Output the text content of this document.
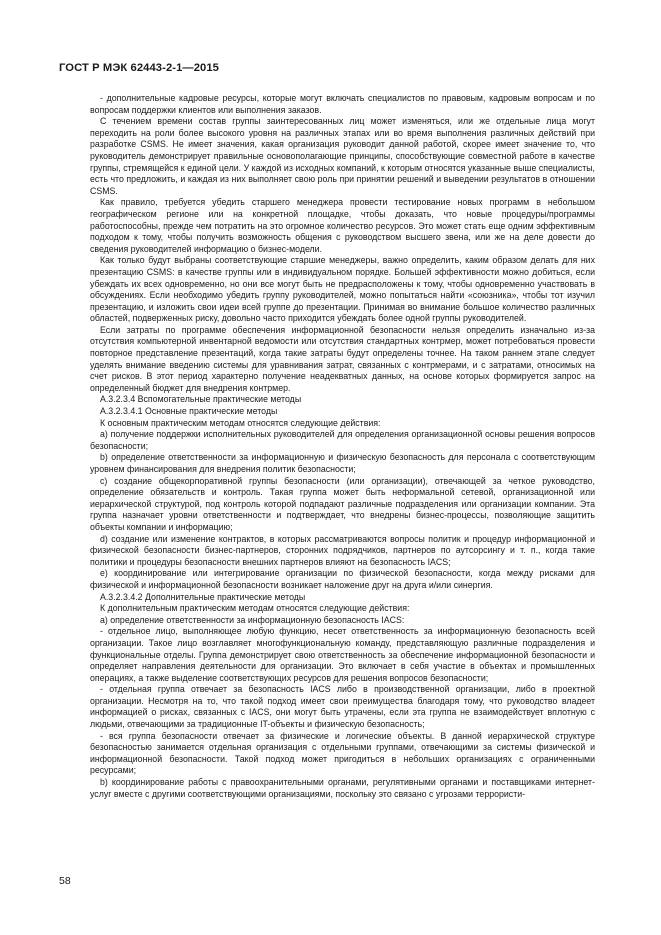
ГОСТ Р МЭК 62443-2-1—2015

- дополнительные кадровые ресурсы, которые могут включать специалистов по правовым, кадровым вопросам и по вопросам поддержки клиентов или выполнения заказов.

С течением времени состав группы заинтересованных лиц может изменяться, или же отдельные лица могут переходить на роли более высокого уровня на различных этапах или во время выполнения различных действий при разработке CSMS. Не имеет значения, какая организация руководит данной работой, скорее имеет значение то, что руководитель демонстрирует правильные основополагающие принципы, способствующие совместной работе в качестве группы, стремящейся к единой цели. У каждой из исходных компаний, к которым относятся указанные выше специалисты, есть что предложить, и каждая из них выполняет свою роль при принятии решений и выведении результатов в отношении CSMS.

Как правило, требуется убедить старшего менеджера провести тестирование новых программ в небольшом географическом регионе или на конкретной площадке, чтобы доказать, что новые процедуры/программы работоспособны, прежде чем потратить на это огромное количество ресурсов. Это может стать еще одним эффективным подходом к тому, чтобы получить возможность общения с руководством высшего звена, или же на деле довести до сведения руководителей информацию о бизнес-модели.

Как только будут выбраны соответствующие старшие менеджеры, важно определить, каким образом делать для них презентацию CSMS: в качестве группы или в индивидуальном порядке. Большей эффективности можно добиться, если убеждать их всех одновременно, но они все могут быть не предрасположены к тому, чтобы одновременно участвовать в обсуждениях. Если необходимо убедить группу руководителей, можно попытаться найти «союзника», чтобы тот изучил презентацию, и изложить свои идеи всей группе до презентации. Принимая во внимание большое количество различных областей, подверженных риску, довольно часто приходится убеждать более одной группы руководителей.

Если затраты по программе обеспечения информационной безопасности нельзя определить изначально из-за отсутствия компьютерной инвентарной ведомости или отсутствия стандартных контрмер, может потребоваться провести повторное представление презентаций, когда такие затраты будут определены точнее. На таком раннем этапе следует уделять внимание введению системы для уравнивания затрат, связанных с контрмерами, и с затратами, относимых на счет рисков. В этот период характерно получение неадекватных данных, на основе которых формируется запрос на определенный бюджет для внедрения контрмер.

А.3.2.3.4 Вспомогательные практические методы

А.3.2.3.4.1 Основные практические методы

К основным практическим методам относятся следующие действия:

a) получение поддержки исполнительных руководителей для определения организационной основы решения вопросов безопасности;

b) определение ответственности за информационную и физическую безопасность для персонала с соответствующим уровнем финансирования для внедрения политик безопасности;

c) создание общекорпоративной группы безопасности (или организации), отвечающей за четкое руководство, определение обязательств и контроль. Такая группа может быть неформальной сетевой, организационной или иерархической структурой, под контроль которой подпадают различные подразделения или организации компании. Эта группа назначает уровни ответственности и подтверждает, что внедрены бизнес-процессы, позволяющие защитить объекты компании и информацию;

d) создание или изменение контрактов, в которых рассматриваются вопросы политик и процедур информационной и физической безопасности бизнес-партнеров, сторонних подрядчиков, партнеров по аутсорсингу и т. п., когда такие политики и процедуры безопасности внешних партнеров влияют на безопасность IACS;

e) координирование или интегрирование организации по физической безопасности, когда между рисками для физической и информационной безопасности возникает наложение друг на друга и/или синергия.

А.3.2.3.4.2 Дополнительные практические методы

К дополнительным практическим методам относятся следующие действия:

а) определение ответственности за информационную безопасность IACS:

- отдельное лицо, выполняющее любую функцию, несет ответственность за информационную безопасность всей организации. Такое лицо возглавляет многофункциональную команду, представляющую различные подразделения и функциональные отделы. Группа демонстрирует свою ответственность за обеспечение информационной безопасности и определяет направления деятельности для организации. Это включает в себя участие в объектах и промышленных операциях, а также выделение соответствующих ресурсов для решения вопросов безопасности;

- отдельная группа отвечает за безопасность IACS либо в производственной организации, либо в проектной организации. Несмотря на то, что такой подход имеет свои преимущества благодаря тому, что руководство владеет информацией о рисках, связанных с IACS, они могут быть утрачены, если эта группа не взаимодействует вплотную с людьми, отвечающими за традиционные IT-объекты и физическую безопасность;

- вся группа безопасности отвечает за физические и логические объекты. В данной иерархической структуре безопасностью занимается отдельная организация с отдельными группами, отвечающими за системы физической и информационной безопасности. Такой подход может пригодиться в небольших организациях с ограниченными ресурсами;

b) координирование работы с правоохранительными органами, регулятивными органами и поставщиками интернет-услуг вместе с другими соответствующими организациями, поскольку это связано с угрозами террористи-

58
